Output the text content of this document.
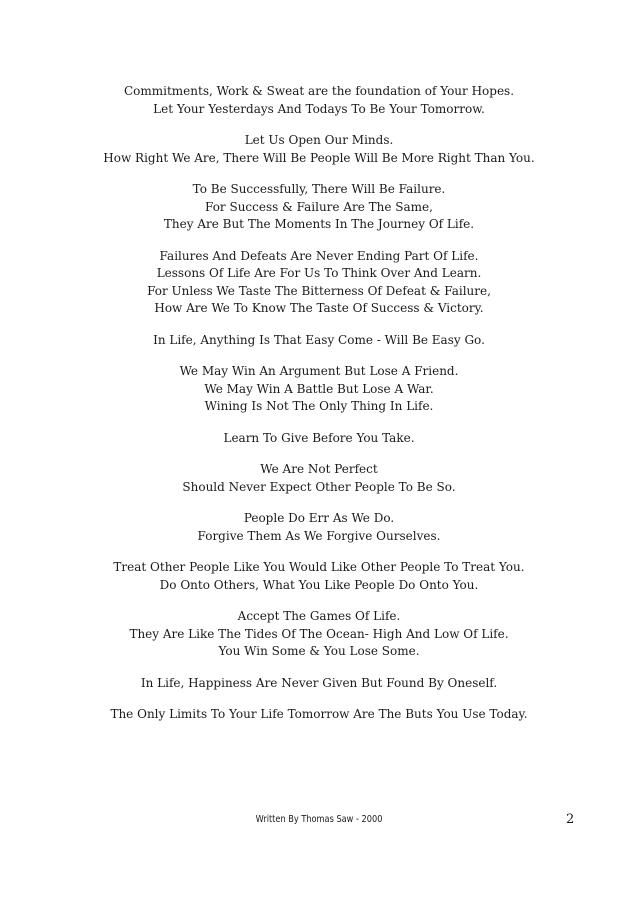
Commitments, Work & Sweat are the foundation of Your Hopes.
Let Your Yesterdays And Todays To Be Your Tomorrow.
Let Us Open Our Minds.
How Right We Are, There Will Be People Will Be More Right Than You.
To Be Successfully, There Will Be Failure.
For Success & Failure Are The Same,
They Are But The Moments In The Journey Of Life.
Failures And Defeats Are Never Ending Part Of Life.
Lessons Of Life Are For Us To Think Over And Learn.
For Unless We Taste The Bitterness Of Defeat & Failure,
How Are We To Know The Taste Of Success & Victory.
In Life, Anything Is That Easy Come - Will Be Easy Go.
We May Win An Argument But Lose A Friend.
We May Win A Battle But Lose A War.
Wining Is Not The Only Thing In Life.
Learn To Give Before You Take.
We Are Not Perfect
Should Never Expect Other People To Be So.
People Do Err As We Do.
Forgive Them As We Forgive Ourselves.
Treat Other People Like You Would Like Other People To Treat You.
Do Onto Others, What You Like People Do Onto You.
Accept The Games Of Life.
They Are Like The Tides Of The Ocean- High And Low Of Life.
You Win Some & You Lose Some.
In Life, Happiness Are Never Given But Found By Oneself.
The Only Limits To Your Life Tomorrow Are The Buts You Use Today.
Written By Thomas Saw - 2000	2
